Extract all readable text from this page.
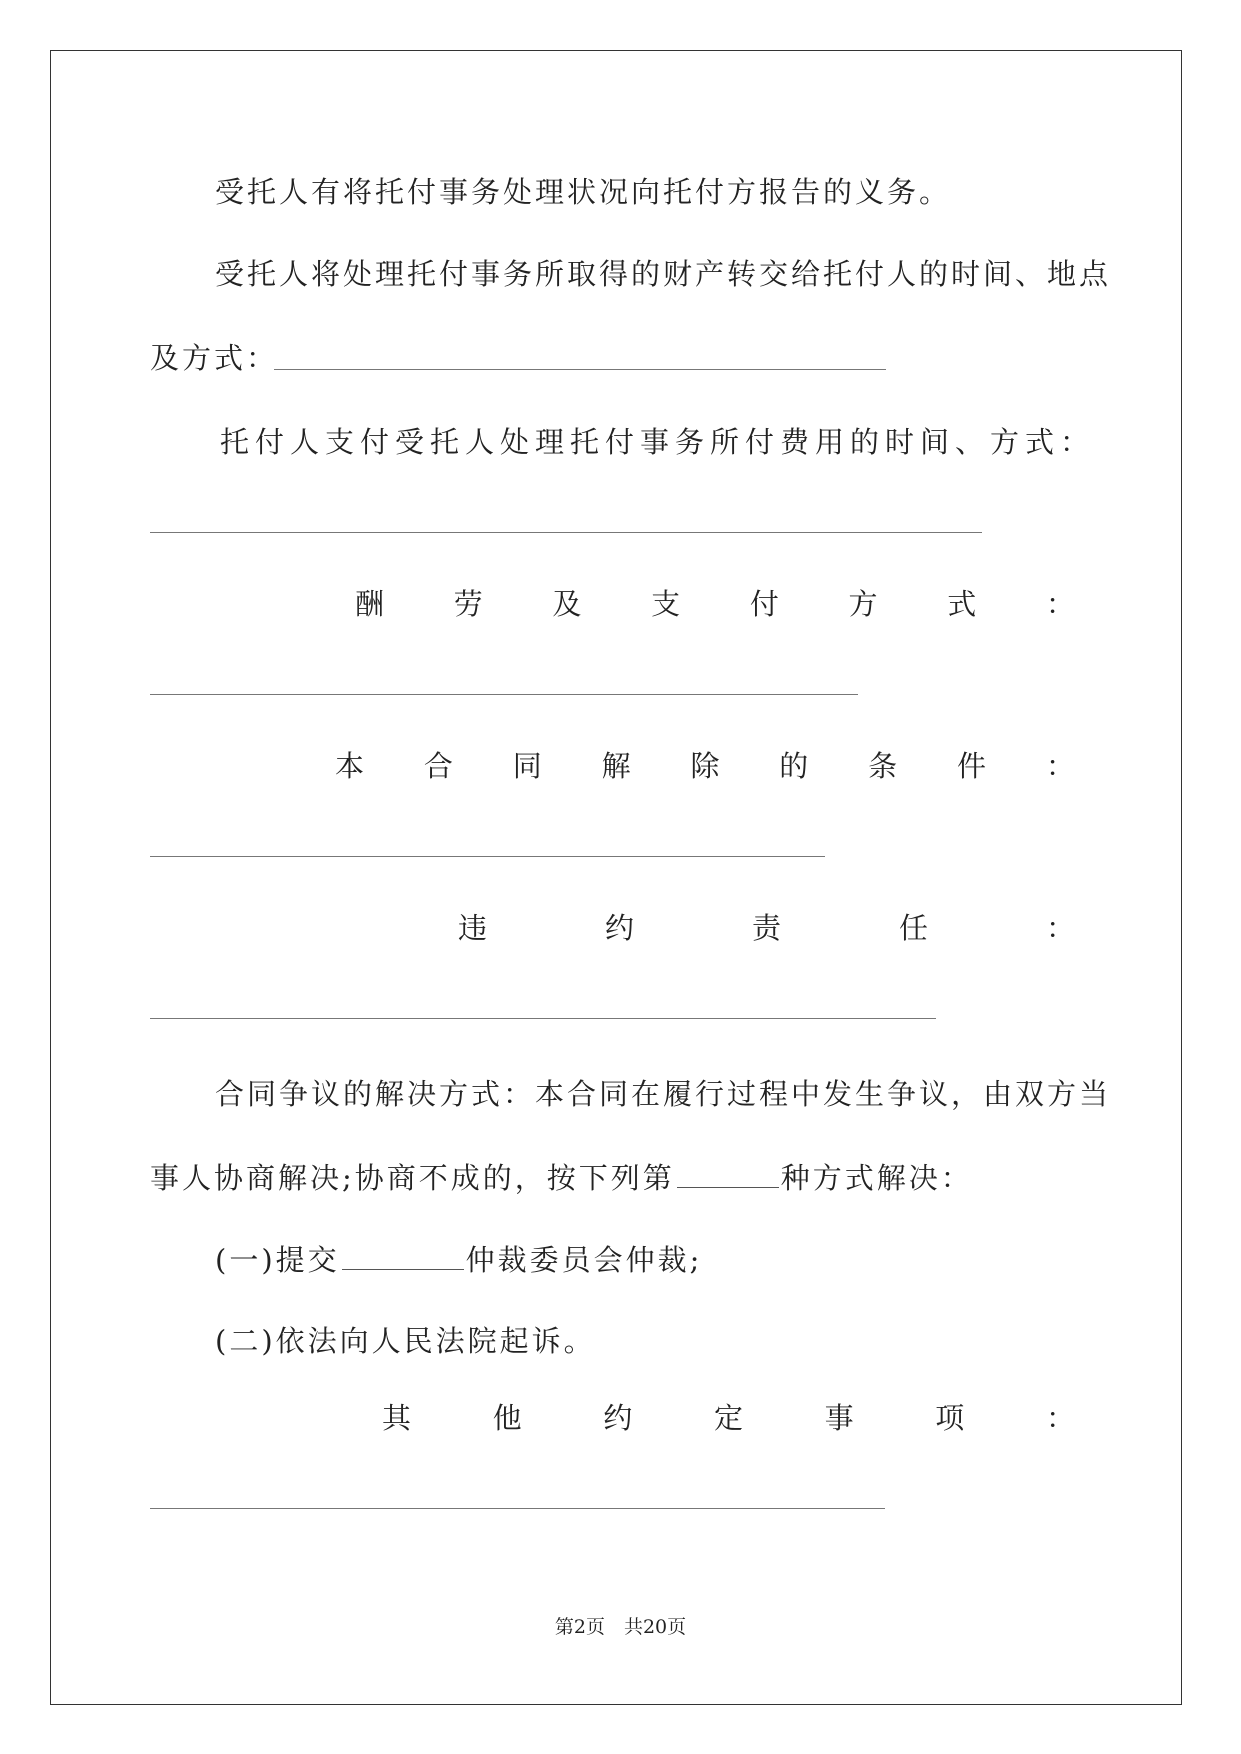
受托人有将托付事务处理状况向托付方报告的义务。
受托人将处理托付事务所取得的财产转交给托付人的时间、地点
及方式：
托付人支付受托人处理托付事务所付费用的时间、方式：
酬 劳 及 支 付 方 式 ：
本 合 同 解 除 的 条 件 ：
违	约	责	任	：
合同争议的解决方式：本合同在履行过程中发生争议，由双方当
事人协商解决;协商不成的，按下列第	种方式解决：
(一)提交	仲裁委员会仲裁;
(二)依法向人民法院起诉。
其	他	约	定	事	项	：
第2页　共20页
